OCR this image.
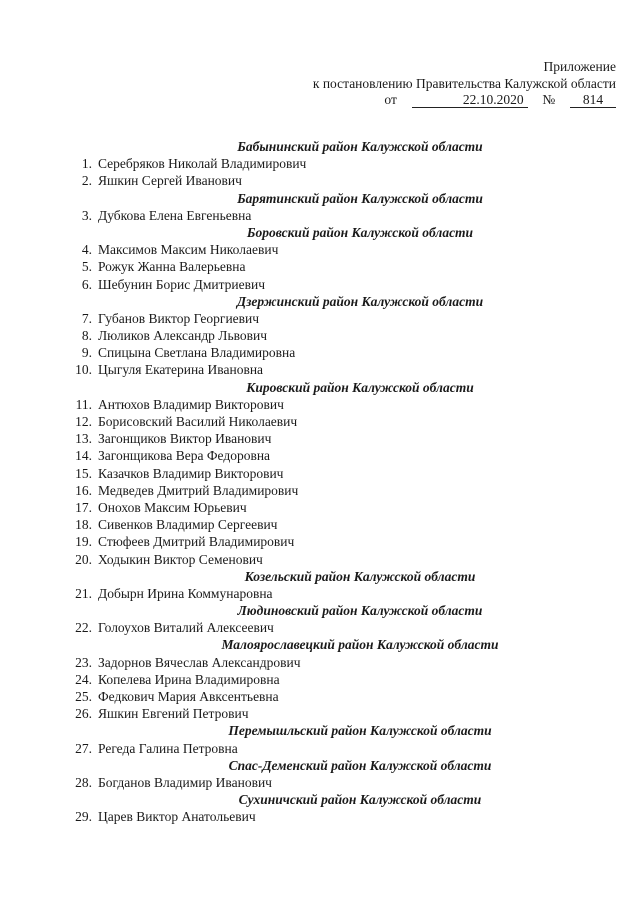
Приложение
к постановлению Правительства Калужской области
от	22.10.2020 № 814
Бабынинский район Калужской области
1. Серебряков Николай Владимирович
2. Яшкин Сергей Иванович
Барятинский район Калужской области
3. Дубкова Елена Евгеньевна
Боровский район Калужской области
4. Максимов Максим Николаевич
5. Рожук Жанна Валерьевна
6. Шебунин Борис Дмитриевич
Дзержинский район Калужской области
7. Губанов Виктор Георгиевич
8. Люликов Александр Львович
9. Спицына Светлана Владимировна
10. Цыгуля Екатерина Ивановна
Кировский район Калужской области
11. Антюхов Владимир Викторович
12. Борисовский Василий Николаевич
13. Загонщиков Виктор Иванович
14. Загонщикова Вера Федоровна
15. Казачков Владимир Викторович
16. Медведев Дмитрий Владимирович
17. Онохов Максим Юрьевич
18. Сивенков Владимир Сергеевич
19. Стюфеев Дмитрий Владимирович
20. Ходыкин Виктор Семенович
Козельский район Калужской области
21. Добырн Ирина Коммунаровна
Людиновский район Калужской области
22. Голоухов Виталий Алексеевич
Малоярославецкий район Калужской области
23. Задорнов Вячеслав Александрович
24. Копелева Ирина Владимировна
25. Федкович Мария Авксентьевна
26. Яшкин Евгений Петрович
Перемышльский район Калужской области
27. Регеда Галина Петровна
Спас-Деменский район Калужской области
28. Богданов Владимир Иванович
Сухиничский район Калужской области
29. Царев Виктор Анатольевич
